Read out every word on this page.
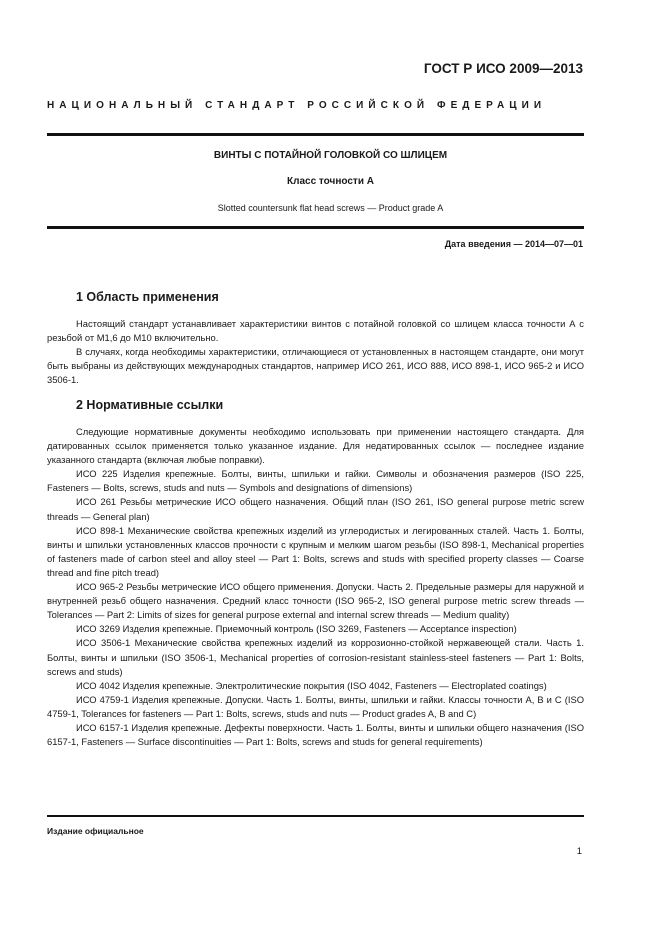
ГОСТ Р ИСО 2009—2013
НАЦИОНАЛЬНЫЙ СТАНДАРТ РОССИЙСКОЙ ФЕДЕРАЦИИ
ВИНТЫ С ПОТАЙНОЙ ГОЛОВКОЙ СО ШЛИЦЕМ
Класс точности А
Slotted countersunk flat head screws — Product grade A
Дата введения — 2014—07—01
1 Область применения

Настоящий стандарт устанавливает характеристики винтов с потайной головкой со шлицем класса точности А с резьбой от М1,6 до М10 включительно.

В случаях, когда необходимы характеристики, отличающиеся от установленных в настоящем стандарте, они могут быть выбраны из действующих международных стандартов, например ИСО 261, ИСО 888, ИСО 898-1, ИСО 965-2 и ИСО 3506-1.

2 Нормативные ссылки

Следующие нормативные документы необходимо использовать при применении настоящего стандарта. Для датированных ссылок применяется только указанное издание. Для недатированных ссылок — последнее издание указанного стандарта (включая любые поправки).

ИСО 225 Изделия крепежные. Болты, винты, шпильки и гайки. Символы и обозначения размеров (ISO 225, Fasteners — Bolts, screws, studs and nuts — Symbols and designations of dimensions)

ИСО 261 Резьбы метрические ИСО общего назначения. Общий план (ISO 261, ISO general purpose metric screw threads — General plan)

ИСО 898-1 Механические свойства крепежных изделий из углеродистых и легированных сталей. Часть 1. Болты, винты и шпильки установленных классов прочности с крупным и мелким шагом резьбы (ISO 898-1, Mechanical properties of fasteners made of carbon steel and alloy steel — Part 1: Bolts, screws and studs with specified property classes — Coarse thread and fine pitch tread)

ИСО 965-2 Резьбы метрические ИСО общего применения. Допуски. Часть 2. Предельные размеры для наружной и внутренней резьб общего назначения. Средний класс точности (ISO 965-2, ISO general purpose metric screw threads — Tolerances — Part 2: Limits of sizes for general purpose external and internal screw threads — Medium quality)

ИСО 3269 Изделия крепежные. Приемочный контроль (ISO 3269, Fasteners — Acceptance inspection)

ИСО 3506-1 Механические свойства крепежных изделий из коррозионно-стойкой нержавеющей стали. Часть 1. Болты, винты и шпильки (ISO 3506-1, Mechanical properties of corrosion-resistant stainless-steel fasteners — Part 1: Bolts, screws and studs)

ИСО 4042 Изделия крепежные. Электролитические покрытия (ISO 4042, Fasteners — Electroplated coatings)

ИСО 4759-1 Изделия крепежные. Допуски. Часть 1. Болты, винты, шпильки и гайки. Классы точности А, В и С (ISO 4759-1, Tolerances for fasteners — Part 1: Bolts, screws, studs and nuts — Product grades A, B and C)

ИСО 6157-1 Изделия крепежные. Дефекты поверхности. Часть 1. Болты, винты и шпильки общего назначения (ISO 6157-1, Fasteners — Surface discontinuities — Part 1: Bolts, screws and studs for general requirements)

Издание официальное
1
